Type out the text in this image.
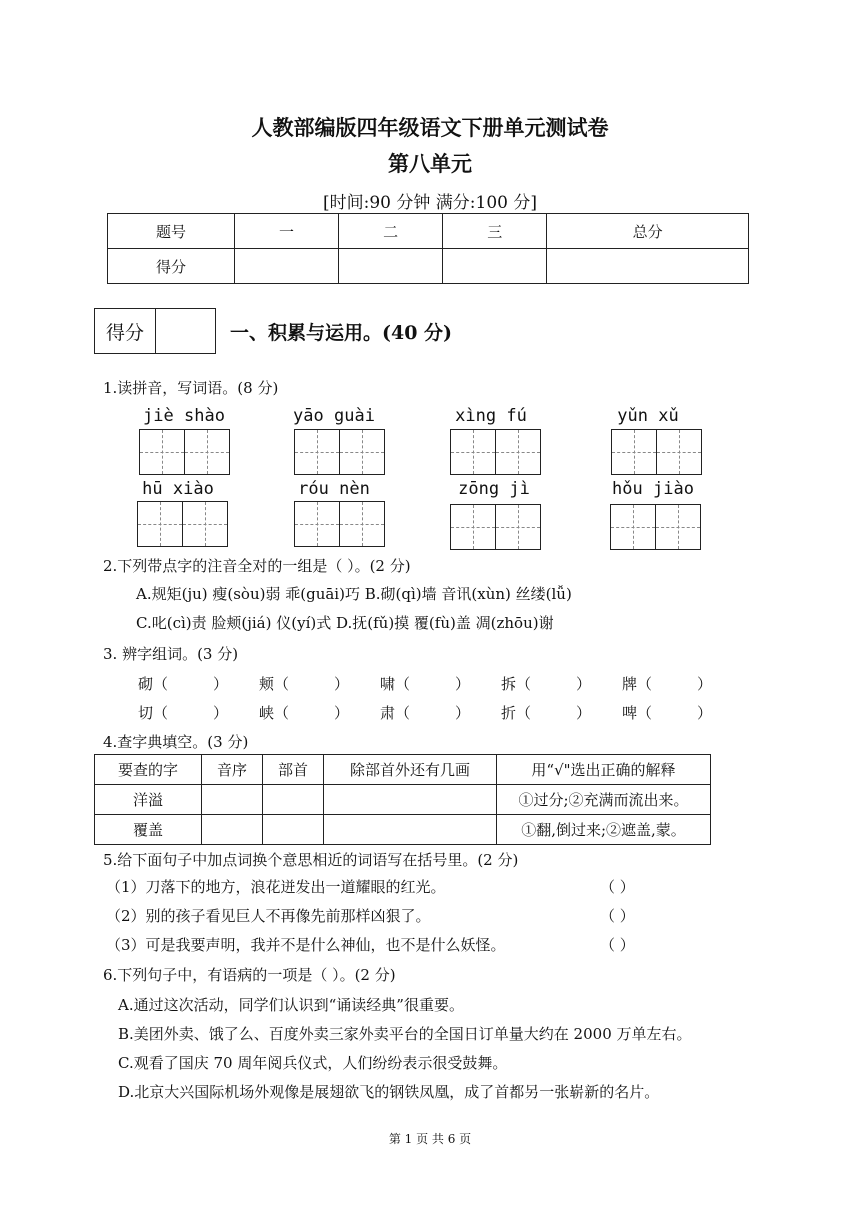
人教部编版四年级语文下册单元测试卷
第八单元
[时间:90 分钟 满分:100 分]
题号	一	二	三	总分
得分				
得分	一、积累与运用。(40 分)
1.读拼音，写词语。(8 分)
jiè shào	yāo guài	xìng fú	yǔn xǔ
hū xiào	róu nèn	zōng jì	hǒu jiào
2.下列带点字的注音全对的一组是（ ）。(2 分)
A.规矩(ju) 瘦(sòu)弱 乖(guāi)巧 B.砌(qì)墙 音讯(xùn) 丝缕(lǚ)
C.叱(cì)责 脸颊(jiá) 仪(yí)式 D.抚(fǔ)摸 覆(fù)盖 凋(zhōu)谢
3. 辨字组词。(3 分)
砌（   ）	颊（   ）	啸（   ）	拆（   ）	牌（   ）
切（   ）	峡（   ）	肃（   ）	折（   ）	啤（   ）
4.查字典填空。(3 分)
要查的字	音序	部首	除部首外还有几画	用“√"选出正确的解释
洋溢				①过分;②充满而流出来。
覆盖				①翻,倒过来;②遮盖,蒙。
5.给下面句子中加点词换个意思相近的词语写在括号里。(2 分)
（1）刀落下的地方，浪花迸发出一道耀眼的红光。	（ ）
（2）别的孩子看见巨人不再像先前那样凶狠了。	（ ）
（3）可是我要声明，我并不是什么神仙，也不是什么妖怪。	（ ）
6.下列句子中，有语病的一项是（ ）。(2 分)
A.通过这次活动，同学们认识到“诵读经典”很重要。
B.美团外卖、饿了么、百度外卖三家外卖平台的全国日订单量大约在 2000 万单左右。
C.观看了国庆 70 周年阅兵仪式，人们纷纷表示很受鼓舞。
D.北京大兴国际机场外观像是展翅欲飞的钢铁凤凰，成了首都另一张崭新的名片。
第 1 页 共 6 页
